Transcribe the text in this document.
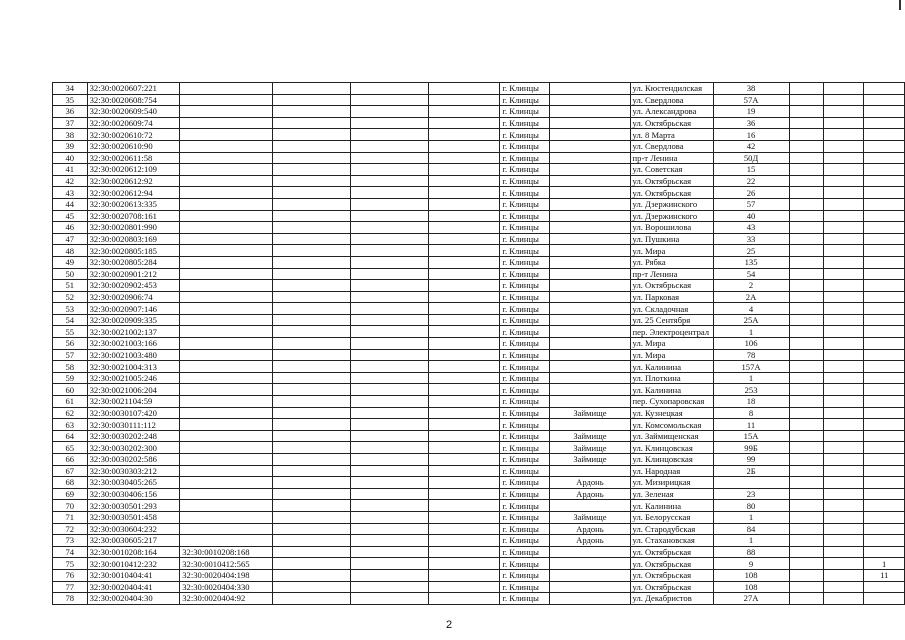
34	32:30:0020607:221					г. Клинцы		ул. Кюстендилская	38			
35	32:30:0020608:754					г. Клинцы		ул. Свердлова	57А			
36	32:30:0020609:540					г. Клинцы		ул. Александрова	19			
37	32:30:0020609:74					г. Клинцы		ул. Октябрьская	36			
38	32:30:0020610:72					г. Клинцы		ул. 8 Марта	16			
39	32:30:0020610:90					г. Клинцы		ул. Свердлова	42			
40	32:30:0020611:58					г. Клинцы		пр-т Ленина	50Д			
41	32:30:0020612:109					г. Клинцы		ул. Советская	15			
42	32:30:0020612:92					г. Клинцы		ул. Октябрьская	22			
43	32:30:0020612:94					г. Клинцы		ул. Октябрьская	26			
44	32:30:0020613:335					г. Клинцы		ул. Дзержинского	57			
45	32:30:0020708:161					г. Клинцы		ул. Дзержинского	40			
46	32:30:0020801:990					г. Клинцы		ул. Ворошилова	43			
47	32:30:0020803:169					г. Клинцы		ул. Пушкина	33			
48	32:30:0020805:185					г. Клинцы		ул. Мира	25			
49	32:30:0020805:284					г. Клинцы		ул. Рябка	135			
50	32:30:0020901:212					г. Клинцы		пр-т Ленина	54			
51	32:30:0020902:453					г. Клинцы		ул. Октябрьская	2			
52	32:30:0020906:74					г. Клинцы		ул. Парковая	2А			
53	32:30:0020907:146					г. Клинцы		ул. Складочная	4			
54	32:30:0020909:335					г. Клинцы		ул. 25 Сентября	25А			
55	32:30:0021002:137					г. Клинцы		пер. Электроцентрал	1			
56	32:30:0021003:166					г. Клинцы		ул. Мира	106			
57	32:30:0021003:480					г. Клинцы		ул. Мира	78			
58	32:30:0021004:313					г. Клинцы		ул. Калинина	157А			
59	32:30:0021005:246					г. Клинцы		ул. Плоткина	1			
60	32:30:0021006:204					г. Клинцы		ул. Калинина	253			
61	32:30:0021104:59					г. Клинцы		пер. Сухопаровская	18			
62	32:30:0030107:420					г. Клинцы	Займище	ул. Кузнецкая	8			
63	32:30:0030111:112					г. Клинцы		ул. Комсомольская	11			
64	32:30:0030202:248					г. Клинцы	Займище	ул. Займищенская	15А			
65	32:30:0030202:300					г. Клинцы	Займище	ул. Клинцовская	99Б			
66	32:30:0030202:586					г. Клинцы	Займище	ул. Клинцовская	99			
67	32:30:0030303:212					г. Клинцы		ул. Народная	2Б			
68	32:30:0030405:265					г. Клинцы	Ардонь	ул. Мизирицкая				
69	32:30:0030406:156					г. Клинцы	Ардонь	ул. Зеленая	23			
70	32:30:0030501:293					г. Клинцы		ул. Калинина	80			
71	32:30:0030501:458					г. Клинцы	Займище	ул. Белорусская	1			
72	32:30:0030604:232					г. Клинцы	Ардонь	ул. Стародубская	84			
73	32:30:0030605:217					г. Клинцы	Ардонь	ул. Стахановская	1			
74	32:30:0010208:164	32:30:0010208:168				г. Клинцы		ул. Октябрьская	88			
75	32:30:0010412:232	32:30:0010412:565				г. Клинцы		ул. Октябрьская	9			1
76	32:30:0010404:41	32:30:0020404:198				г. Клинцы		ул. Октябрьская	108			11
77	32:30:0020404:41	32:30:0020404:330				г. Клинцы		ул. Октябрьская	108			
78	32:30:0020404:30	32:30:0020404:92				г. Клинцы		ул. Декабристов	27А			
2
